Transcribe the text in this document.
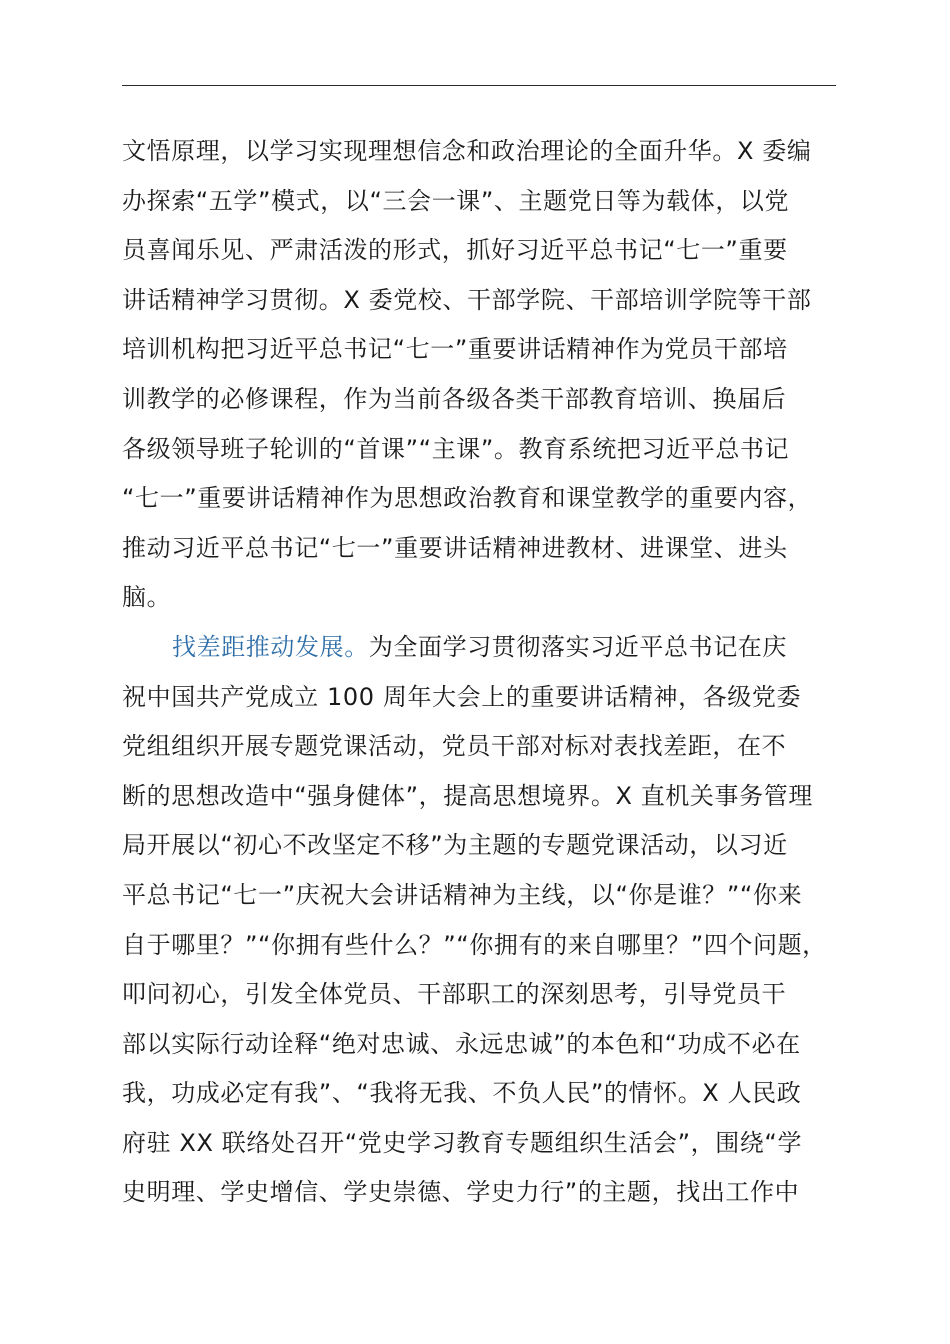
文悟原理，以学习实现理想信念和政治理论的全面升华。X 委编
办探索“五学”模式，以“三会一课”、主题党日等为载体，以党
员喜闻乐见、严肃活泼的形式，抓好习近平总书记“七一”重要
讲话精神学习贯彻。X 委党校、干部学院、干部培训学院等干部
培训机构把习近平总书记“七一”重要讲话精神作为党员干部培
训教学的必修课程，作为当前各级各类干部教育培训、换届后
各级领导班子轮训的“首课”“主课”。教育系统把习近平总书记
“七一”重要讲话精神作为思想政治教育和课堂教学的重要内容，
推动习近平总书记“七一”重要讲话精神进教材、进课堂、进头
脑。
找差距推动发展。为全面学习贯彻落实习近平总书记在庆
祝中国共产党成立 100 周年大会上的重要讲话精神，各级党委
党组组织开展专题党课活动，党员干部对标对表找差距，在不
断的思想改造中“强身健体”，提高思想境界。X 直机关事务管理
局开展以“初心不改坚定不移”为主题的专题党课活动，以习近
平总书记“七一”庆祝大会讲话精神为主线，以“你是谁？”“你来
自于哪里？”“你拥有些什么？”“你拥有的来自哪里？”四个问题，
叩问初心，引发全体党员、干部职工的深刻思考，引导党员干
部以实际行动诠释“绝对忠诚、永远忠诚”的本色和“功成不必在
我，功成必定有我”、“我将无我、不负人民”的情怀。X 人民政
府驻 XX 联络处召开“党史学习教育专题组织生活会”，围绕“学
史明理、学史增信、学史崇德、学史力行”的主题，找出工作中
